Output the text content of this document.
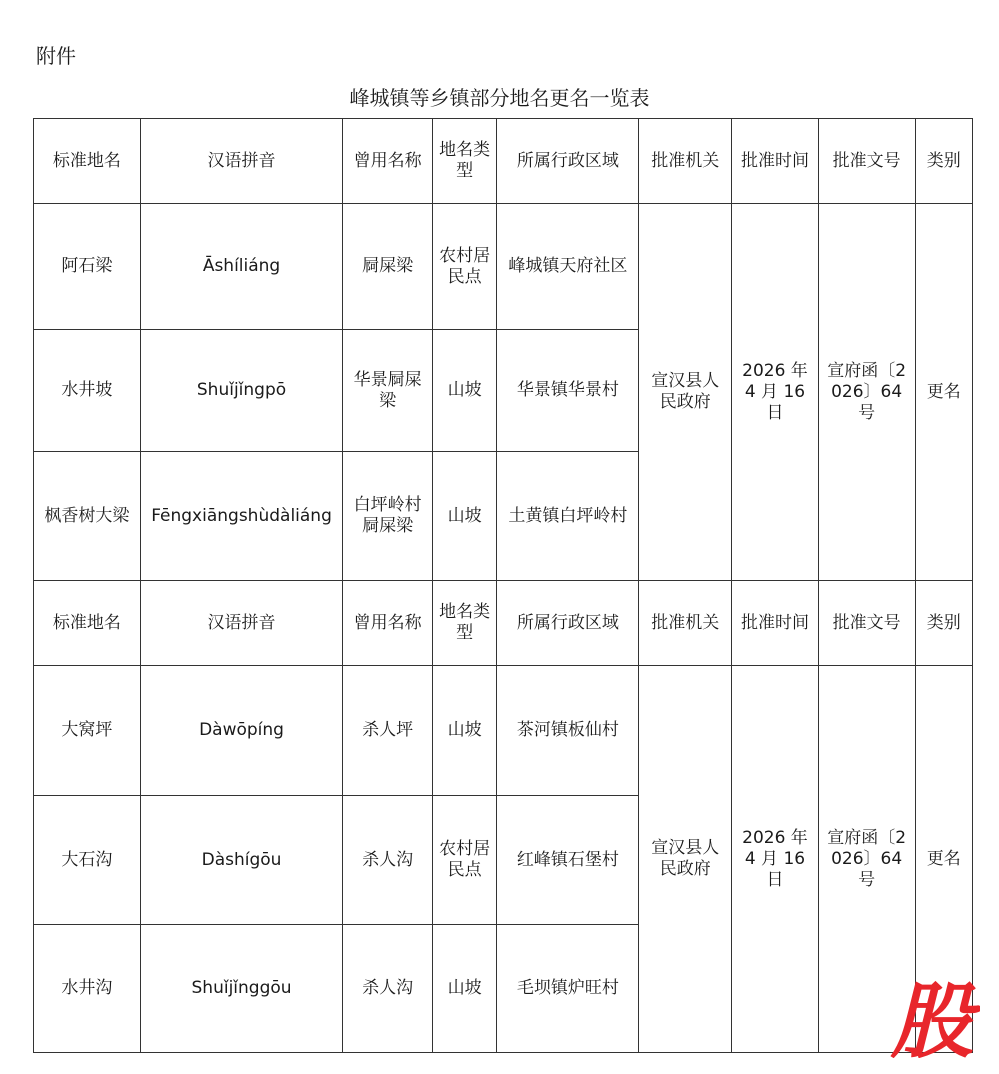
附件
峰城镇等乡镇部分地名更名一览表
标准地名	汉语拼音	曾用名称	地名类型	所属行政区域	批准机关	批准时间	批准文号	类别
阿石梁	Āshíliáng	屙屎梁	农村居民点	峰城镇天府社区	宣汉县人民政府	2026 年 4 月 16 日	宣府函〔2026〕64 号	更名
水井坡	Shuǐjǐngpō	华景屙屎梁	山坡	华景镇华景村				
枫香树大梁	Fēngxiāngshùdàliáng	白坪岭村屙屎梁	山坡	土黄镇白坪岭村				
标准地名	汉语拼音	曾用名称	地名类型	所属行政区域	批准机关	批准时间	批准文号	类别
大窝坪	Dàwōpíng	杀人坪	山坡	茶河镇板仙村	宣汉县人民政府	2026 年 4 月 16 日	宣府函〔2026〕64 号	更名
大石沟	Dàshígōu	杀人沟	农村居民点	红峰镇石堡村				
水井沟	Shuǐjǐnggōu	杀人沟	山坡	毛坝镇炉旺村					股
